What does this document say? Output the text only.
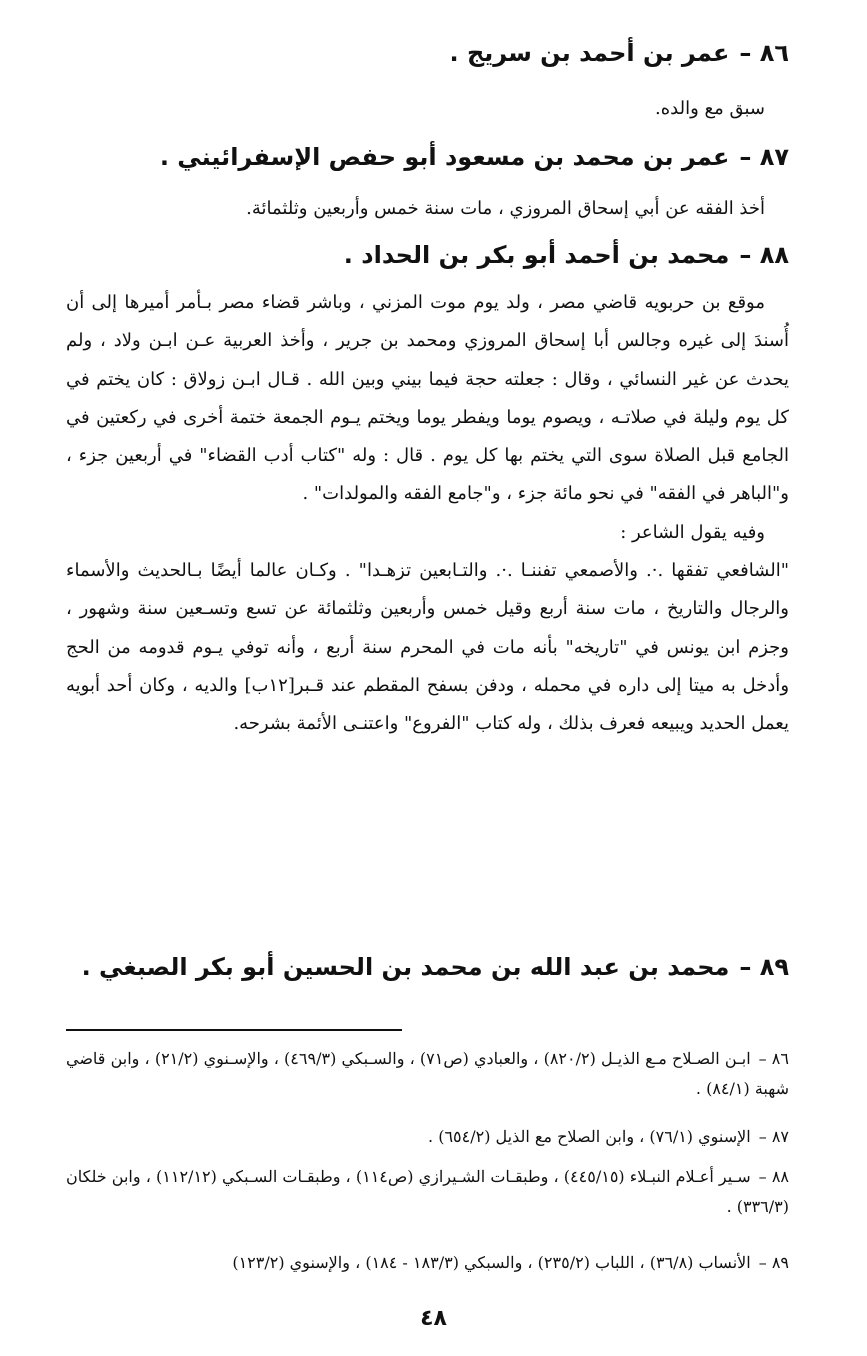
٨٦ –عمر بن أحمد بن سريج .
سبق مع والده.
٨٧ –عمر بن محمد بن مسعود أبو حفص الإسفرائيني .
أخذ الفقه عن أبي إسحاق المروزي ، مات سنة خمس وأربعين وثلثمائة.
٨٨ –محمد بن أحمد أبو بكر بن الحداد .

موقع بن حربويه قاضي مصر ، ولد يوم موت المزني ، وباشر قضاء مصر بـأمر أميرها إلى أن أُسندَ إلى غيره وجالس أبا إسحاق المروزي ومحمد بن جرير ، وأخذ العربية عـن ابـن ولاد ، ولم يحدث عن غير النسائي ، وقال : جعلته حجة فيما بيني وبين الله . قـال ابـن زولاق : كان يختم في كل يوم وليلة في صلاتـه ، ويصوم يوما ويفطر يوما ويختم يـوم الجمعة ختمة أخرى في ركعتين في الجامع قبل الصلاة سوى التي يختم بها كل يوم . قال : وله "كتاب أدب القضاء" في أربعين جزء ، و"الباهر في الفقه" في نحو مائة جزء ، و"جامع الفقه والمولدات" .

وفيه يقول الشاعر :

"الشافعي تفقها .·. والأصمعي تفننـا .·. والتـابعين تزهـدا" . وكـان عالما أيضًا بـالحديث والأسماء والرجال والتاريخ ، مات سنة أربع وقيل خمس وأربعين وثلثمائة عن تسع وتسـعين سنة وشهور ، وجزم ابن يونس في "تاريخه" بأنه مات في المحرم سنة أربع ، وأنه توفي يـوم قدومه من الحج وأدخل به ميتا إلى داره في محمله ، ودفن بسفح المقطم عند قـبر[١٢ب] والديه ، وكان أحد أبويه يعمل الحديد ويبيعه فعرف بذلك ، وله كتاب "الفروع" واعتنـى الأئمة بشرحه.

٨٩ –محمد بن عبد الله بن محمد بن الحسين أبو بكر الصبغي .
٨٦ –ابـن الصـلاح مـع الذيـل (٨٢٠/٢) ، والعبادي (ص٧١) ، والسـبكي (٤٦٩/٣) ، والإسـنوي (٢١/٢) ، وابن قاضي شهبة (٨٤/١) .
٨٧ –الإسنوي (٧٦/١) ، وابن الصلاح مع الذيل (٦٥٤/٢) .
٨٨ –سـير أعـلام النبـلاء (٤٤٥/١٥) ، وطبقـات الشـيرازي (ص١١٤) ، وطبقـات السـبكي (١١٢/١٢) ، وابن خلكان (٣٣٦/٣) .
٨٩ –الأنساب (٣٦/٨) ، اللباب (٢٣٥/٢) ، والسبكي (١٨٣/٣ - ١٨٤) ، والإسنوي (١٢٣/٢)
٤٨
